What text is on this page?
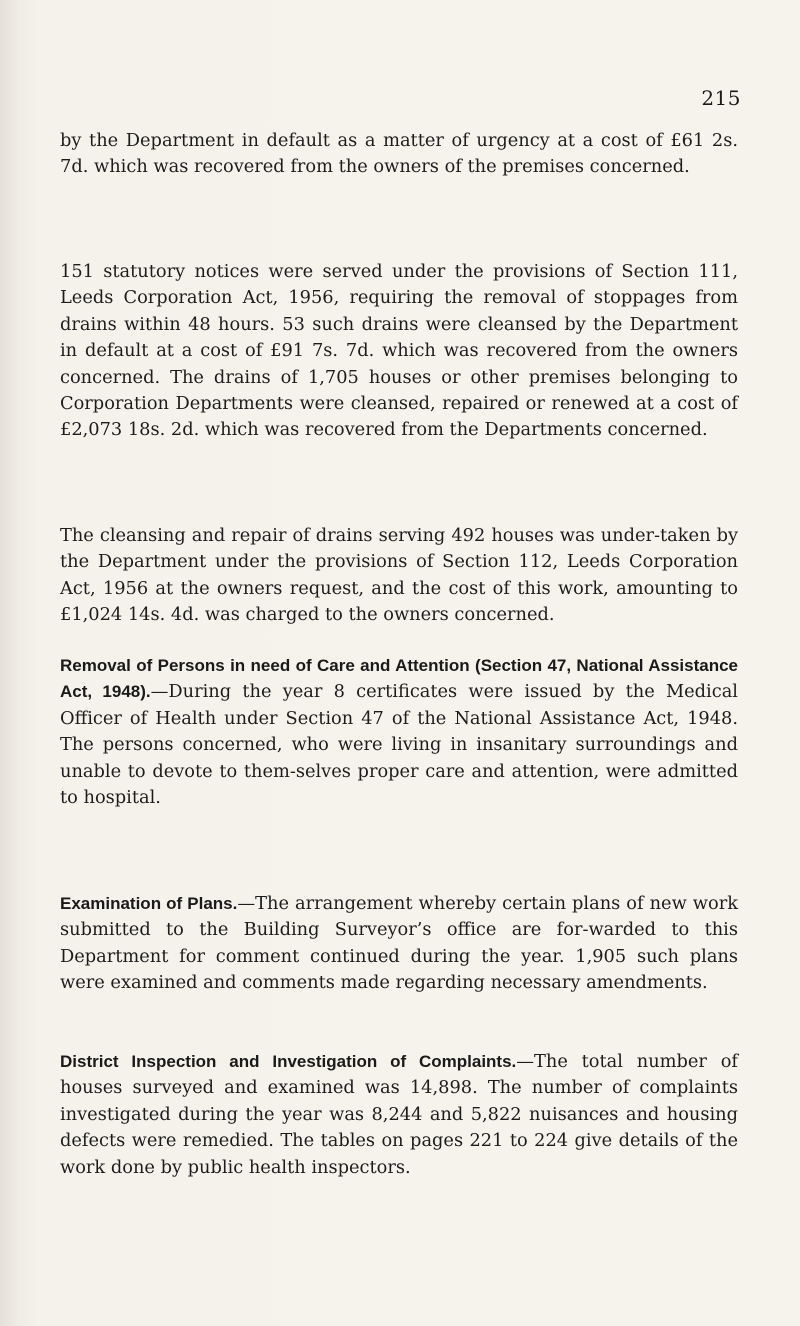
215

by the Department in default as a matter of urgency at a cost of £61 2s. 7d. which was recovered from the owners of the premises concerned.

151 statutory notices were served under the provisions of Section 111, Leeds Corporation Act, 1956, requiring the removal of stoppages from drains within 48 hours. 53 such drains were cleansed by the Department in default at a cost of £91 7s. 7d. which was recovered from the owners concerned. The drains of 1,705 houses or other premises belonging to Corporation Departments were cleansed, repaired or renewed at a cost of £2,073 18s. 2d. which was recovered from the Departments concerned.

The cleansing and repair of drains serving 492 houses was under-taken by the Department under the provisions of Section 112, Leeds Corporation Act, 1956 at the owners request, and the cost of this work, amounting to £1,024 14s. 4d. was charged to the owners concerned.

Removal of Persons in need of Care and Attention (Section 47, National Assistance Act, 1948).—During the year 8 certificates were issued by the Medical Officer of Health under Section 47 of the National Assistance Act, 1948. The persons concerned, who were living in insanitary surroundings and unable to devote to them-selves proper care and attention, were admitted to hospital.

Examination of Plans.—The arrangement whereby certain plans of new work submitted to the Building Surveyor’s office are for-warded to this Department for comment continued during the year. 1,905 such plans were examined and comments made regarding necessary amendments.

District Inspection and Investigation of Complaints.—The total number of houses surveyed and examined was 14,898. The number of complaints investigated during the year was 8,244 and 5,822 nuisances and housing defects were remedied. The tables on pages 221 to 224 give details of the work done by public health inspectors.
